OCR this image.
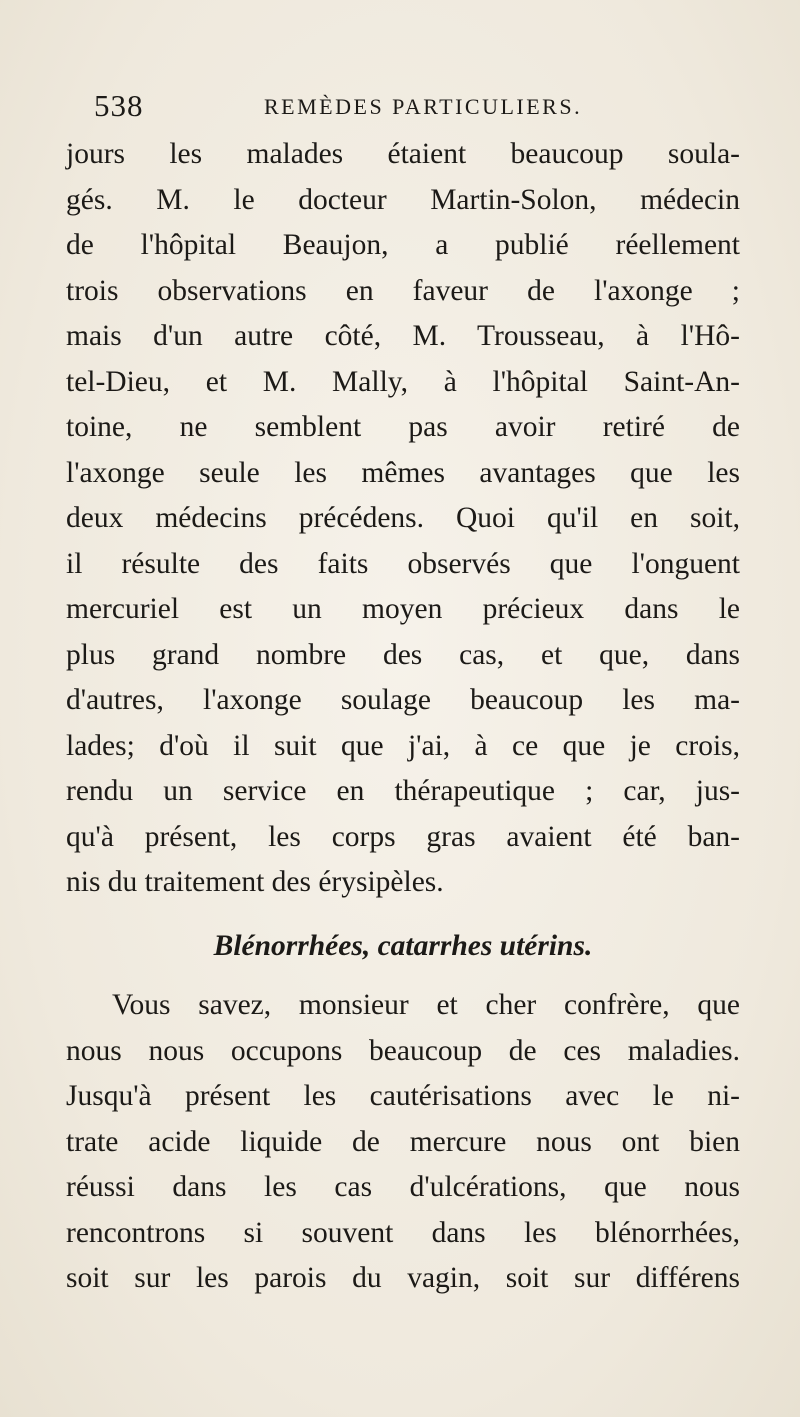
538	REMÈDES PARTICULIERS.
jours les malades étaient beaucoup soula-
gés. M. le docteur Martin-Solon, médecin
de l'hôpital Beaujon, a publié réellement
trois observations en faveur de l'axonge ;
mais d'un autre côté, M. Trousseau, à l'Hô-
tel-Dieu, et M. Mally, à l'hôpital Saint-An-
toine, ne semblent pas avoir retiré de
l'axonge seule les mêmes avantages que les
deux médecins précédens. Quoi qu'il en soit,
il résulte des faits observés que l'onguent
mercuriel est un moyen précieux dans le
plus grand nombre des cas, et que, dans
d'autres, l'axonge soulage beaucoup les ma-
lades; d'où il suit que j'ai, à ce que je crois,
rendu un service en thérapeutique ; car, jus-
qu'à présent, les corps gras avaient été ban-
nis du traitement des érysipèles.
Blénorrhées, catarrhes utérins.
Vous savez, monsieur et cher confrère, que
nous nous occupons beaucoup de ces maladies.
Jusqu'à présent les cautérisations avec le ni-
trate acide liquide de mercure nous ont bien
réussi dans les cas d'ulcérations, que nous
rencontrons si souvent dans les blénorrhées,
soit sur les parois du vagin, soit sur différens
